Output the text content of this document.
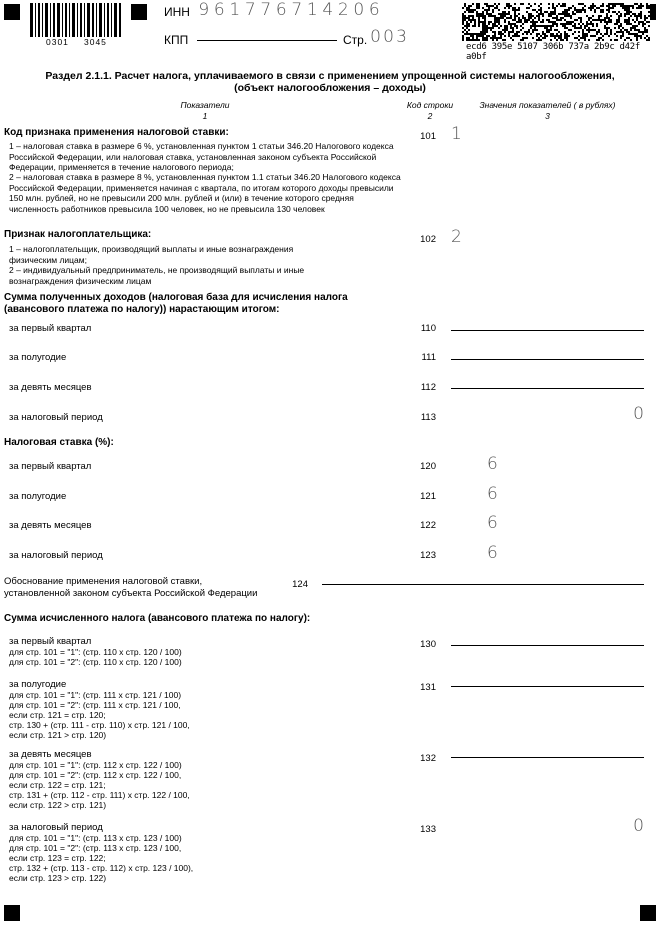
0301 3045
ИНН 9 6 1 7 7 6 7 1 4 2 0 6
КПП	Стр. 0 0 3	ecd6 395e 5107 306b 737a 2b9c d42f a0bf
Раздел 2.1.1. Расчет налога, уплачиваемого в связи с применением упрощенной системы налогообложения,
(объект налогообложения – доходы)
Показатели
1
Код строки
2
Значения показателей ( в рублях)
3
Код признака применения налоговой ставки:
1 – налоговая ставка в размере 6 %, установленная пунктом 1 статьи 346.20 Налогового кодекса Российской Федерации, или налоговая ставка, установленная законом субъекта Российской Федерации, применяется в течение налогового периода;
2 – налоговая ставка в размере 8 %, установленная пунктом 1.1 статьи 346.20 Налогового кодекса Российской Федерации, применяется начиная с квартала, по итогам которого доходы превысили 150 млн. рублей, но не превысили 200 млн. рублей и (или) в течение которого средняя численность работников превысила 100 человек, но не превысила 130 человек
101 1
Признак налогоплательщика:
1 – налогоплательщик, производящий выплаты и иные вознаграждения физическим лицам;
2 – индивидуальный предприниматель, не производящий выплаты и иные вознаграждения физическим лицам
102 2
Сумма полученных доходов (налоговая база для исчисления налога (авансового платежа по налогу)) нарастающим итогом:
за первый квартал	110
за полугодие	111
за девять месяцев	112
за налоговый период	113	0
Налоговая ставка (%):
за первый квартал	120	6
за полугодие	121	6
за девять месяцев	122	6
за налоговый период	123	6
Обоснование применения налоговой ставки,
установленной законом субъекта Российской Федерации
124
Сумма исчисленного налога (авансового платежа по налогу):
за первый квартал
для стр. 101 = "1": (стр. 110 х стр. 120 / 100)
для стр. 101 = "2": (стр. 110 х стр. 120 / 100)
130
за полугодие
для стр. 101 = "1": (стр. 111 х стр. 121 / 100)
для стр. 101 = "2": (стр. 111 х стр. 121 / 100,
если стр. 121 = стр. 120;
стр. 130 + (стр. 111 - стр. 110) х стр. 121 / 100,
если стр. 121 > стр. 120)
131
за девять месяцев
для стр. 101 = "1": (стр. 112 х стр. 122 / 100)
для стр. 101 = "2": (стр. 112 х стр. 122 / 100,
если стр. 122 = стр. 121;
стр. 131 + (стр. 112 - стр. 111) х стр. 122 / 100,
если стр. 122 > стр. 121)
132
за налоговый период
для стр. 101 = "1": (стр. 113 х стр. 123 / 100)
для стр. 101 = "2": (стр. 113 х стр. 123 / 100,
если стр. 123 = стр. 122;
стр. 132 + (стр. 113 - стр. 112) х стр. 123 / 100),
если стр. 123 > стр. 122)
133	0
